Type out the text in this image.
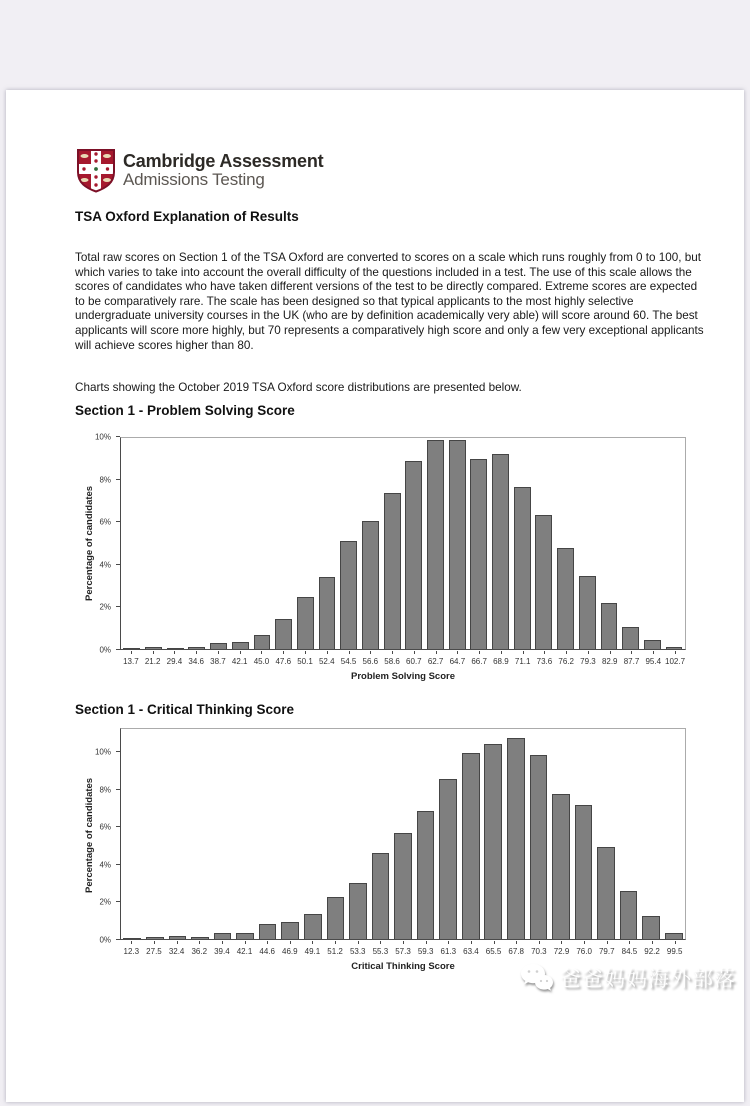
Cambridge Assessment
Admissions Testing
TSA Oxford Explanation of Results
Total raw scores on Section 1 of the TSA Oxford are converted to scores on a scale which runs roughly from 0 to 100, but which varies to take into account the overall difficulty of the questions included in a test. The use of this scale allows the scores of candidates who have taken different versions of the test to be directly compared. Extreme scores are expected to be comparatively rare. The scale has been designed so that typical applicants to the most highly selective undergraduate university courses in the UK (who are by definition academically very able) will score around 60. The best applicants will score more highly, but 70 represents a comparatively high score and only a few very exceptional applicants will achieve scores higher than 80.
Charts showing the October 2019 TSA Oxford score distributions are presented below.
Section 1 - Problem Solving Score
Percentage of candidates
0%
2%
4%
6%
8%
10%
13.7 21.2 29.4 34.6 38.7 42.1 45.0 47.6 50.1 52.4 54.5 56.6 58.6 60.7 62.7 64.7 66.7 68.9 71.1 73.6 76.2 79.3 82.9 87.7 95.4 102.7
Problem Solving Score
Section 1 - Critical Thinking Score
Percentage of candidates
0%
2%
4%
6%
8%
10%
12.3 27.5 32.4 36.2 39.4 42.1 44.6 46.9 49.1 51.2 53.3 55.3 57.3 59.3 61.3 63.4 65.5 67.8 70.3 72.9 76.0 79.7 84.5 92.2 99.5
Critical Thinking Score
爸爸妈妈海外部落
